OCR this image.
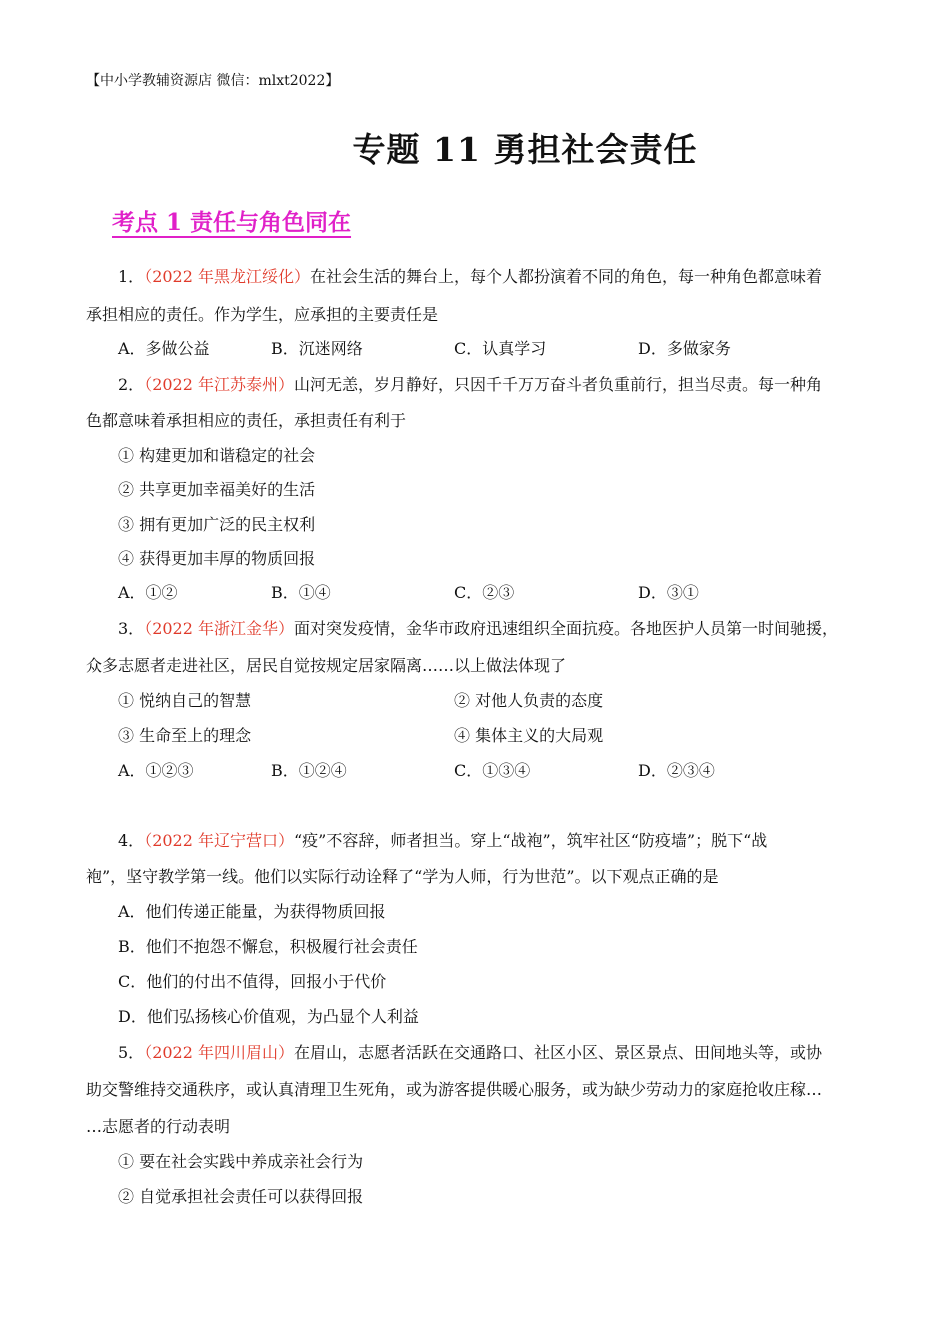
【中小学教辅资源店 微信：mlxt2022】
专题 11 勇担社会责任
考点 1 责任与角色同在
1．（2022 年黑龙江绥化）在社会生活的舞台上，每个人都扮演着不同的角色，每一种角色都意味着
承担相应的责任。作为学生，应承担的主要责任是
A．多做公益	B．沉迷网络	C．认真学习	D．多做家务
2．（2022 年江苏泰州）山河无恙，岁月静好，只因千千万万奋斗者负重前行，担当尽责。每一种角
色都意味着承担相应的责任，承担责任有利于
① 构建更加和谐稳定的社会
② 共享更加幸福美好的生活
③ 拥有更加广泛的民主权利
④ 获得更加丰厚的物质回报
A．①②	B．①④	C．②③	D．③①
3．（2022 年浙江金华）面对突发疫情，金华市政府迅速组织全面抗疫。各地医护人员第一时间驰援，
众多志愿者走进社区，居民自觉按规定居家隔离……以上做法体现了
① 悦纳自己的智慧	② 对他人负责的态度
③ 生命至上的理念	④ 集体主义的大局观
A．①②③	B．①②④	C．①③④	D．②③④
4．（2022 年辽宁营口）“疫”不容辞，师者担当。穿上“战袍”，筑牢社区“防疫墙”；脱下“战
袍”，坚守教学第一线。他们以实际行动诠释了“学为人师，行为世范”。以下观点正确的是
A．他们传递正能量，为获得物质回报
B．他们不抱怨不懈怠，积极履行社会责任
C．他们的付出不值得，回报小于代价
D．他们弘扬核心价值观，为凸显个人利益
5．（2022 年四川眉山）在眉山，志愿者活跃在交通路口、社区小区、景区景点、田间地头等，或协
助交警维持交通秩序，或认真清理卫生死角，或为游客提供暖心服务，或为缺少劳动力的家庭抢收庄稼…
…志愿者的行动表明
① 要在社会实践中养成亲社会行为
② 自觉承担社会责任可以获得回报
